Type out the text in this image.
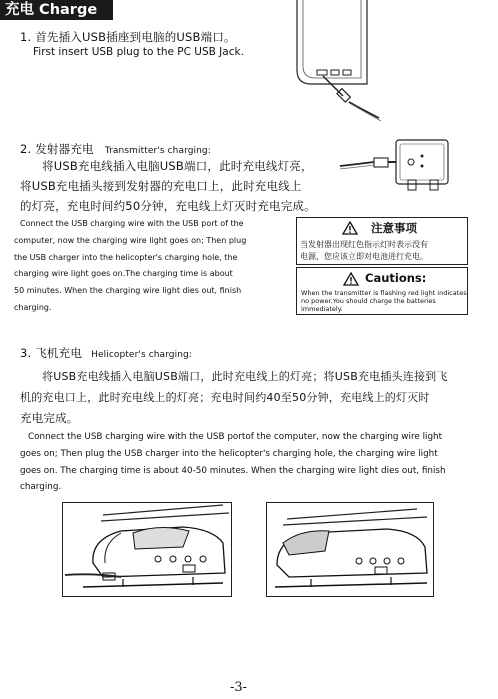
充电 Charge
1. 首先插入USB插座到电脑的USB端口。
First insert USB plug to the PC USB Jack.
2. 发射器充电 Transmitter's charging:
将USB充电线插入电脑USB端口，此时充电线灯亮，
将USB充电插头接到发射器的充电口上，此时充电线上
的灯亮，充电时间约50分钟，充电线上灯灭时充电完成。
Connect the USB charging wire with the USB port of the
computer, now the charging wire light goes on; Then plug
the USB charger into the helicopter's charging hole, the
charging wire light goes on.The charging time is about
50 minutes. When the charging wire light dies out, finish
charging.
注意事项
当发射器出现红色指示灯时表示没有
电源，您应该立即对电池进行充电。
Cautions:
When the transmitter is flashing red light indicates
no power.You should charge the batteries
immediately.
3. 飞机充电 Helicopter's charging:
将USB充电线插入电脑USB端口，此时充电线上的灯亮；将USB充电插头连接到飞
机的充电口上，此时充电线上的灯亮；充电时间约40至50分钟，充电线上的灯灭时
充电完成。
Connect the USB charging wire with the USB portof the computer, now the charging wire light
goes on; Then plug the USB charger into the helicopter's charging hole, the charging wire light
goes on. The charging time is about 40-50 minutes. When the charging wire light dies out, finish
charging.
-3-
